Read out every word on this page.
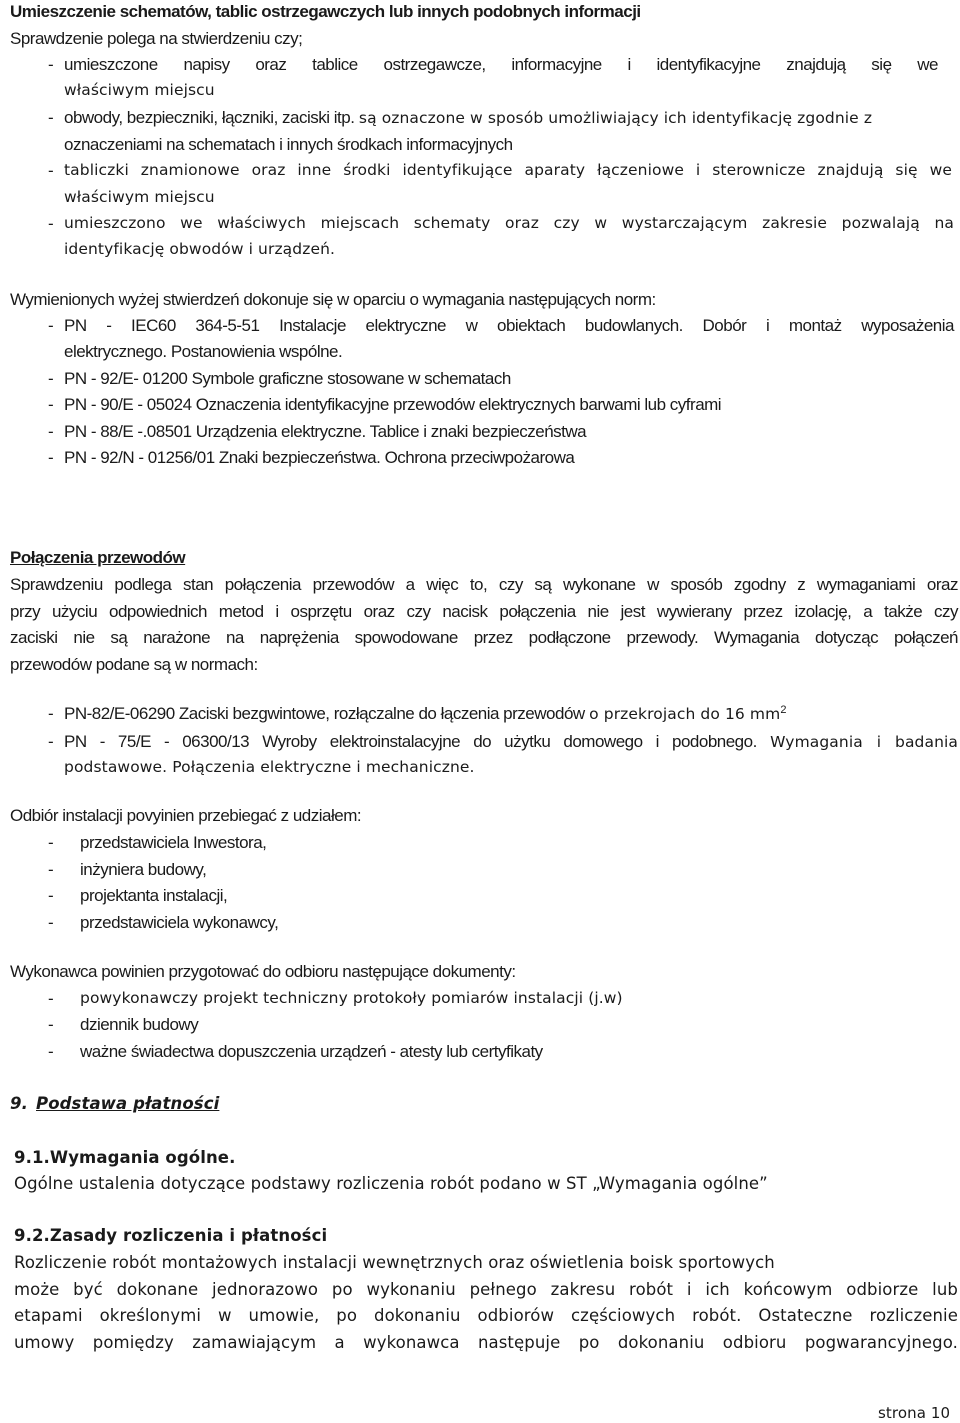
Umieszczenie schematów, tablic ostrzegawczych lub innych podobnych informacji
Sprawdzenie polega na stwierdzeniu czy;
- umieszczone napisy oraz tablice ostrzegawcze, informacyjne i identyfikacyjne znajdują się we
właściwym miejscu
- obwody, bezpieczniki, łączniki, zaciski itp. są oznaczone w sposób umożliwiający ich identyfikację zgodnie z
oznaczeniami na schematach i innych środkach informacyjnych
- tabliczki znamionowe oraz inne środki identyfikujące aparaty łączeniowe i sterownicze znajdują się we
właściwym miejscu
- umieszczono we właściwych miejscach schematy oraz czy w wystarczającym zakresie pozwalają na
identyfikację obwodów i urządzeń.
Wymienionych wyżej stwierdzeń dokonuje się w oparciu o wymagania następujących norm:
- PN - IEC60 364-5-51 Instalacje elektryczne w obiektach budowlanych. Dobór i montaż wyposażenia
elektrycznego. Postanowienia wspólne.
- PN - 92/E- 01200 Symbole graficzne stosowane w schematach
- PN - 90/E - 05024 Oznaczenia identyfikacyjne przewodów elektrycznych barwami lub cyframi
- PN - 88/E -.08501 Urządzenia elektryczne. Tablice i znaki bezpieczeństwa
- PN - 92/N - 01256/01 Znaki bezpieczeństwa. Ochrona przeciwpożarowa
Połączenia przewodów
Sprawdzeniu podlega stan połączenia przewodów a więc to, czy są wykonane w sposób zgodny z wymaganiami oraz
przy użyciu odpowiednich metod i osprzętu oraz czy nacisk połączenia nie jest wywierany przez izolację, a także czy
zaciski nie są narażone na naprężenia spowodowane przez podłączone przewody. Wymagania dotycząc połączeń
przewodów podane są w normach:
- PN-82/E-06290 Zaciski bezgwintowe, rozłączalne do łączenia przewodów o przekrojach do 16 $mm^2$
- PN - 75/E - 06300/13 Wyroby elektroinstalacyjne do użytku domowego i podobnego. Wymagania i badania
podstawowe. Połączenia elektryczne i mechaniczne.
Odbiór instalacji povyinien przebiegać z udziałem:
- przedstawiciela Inwestora,
- inżyniera budowy,
- projektanta instalacji,
- przedstawiciela wykonawcy,
Wykonawca powinien przygotować do odbioru następujące dokumenty:
- powykonawczy projekt techniczny protokoły pomiarów instalacji (j.w)
- dziennik budowy
- ważne świadectwa dopuszczenia urządzeń - atesty lub certyfikaty
9. Podstawa płatności
9.1.Wymagania ogólne.
Ogólne ustalenia dotyczące podstawy rozliczenia robót podano w ST „Wymagania ogólne”
9.2.Zasady rozliczenia i płatności
Rozliczenie robót montażowych instalacji wewnętrznych oraz oświetlenia boisk sportowych
może być dokonane jednorazowo po wykonaniu pełnego zakresu robót i ich końcowym odbiorze lub
etapami określonymi w umowie, po dokonaniu odbiorów częściowych robót. Ostateczne rozliczenie
umowy pomiędzy zamawiającym a wykonawca następuje po dokonaniu odbioru pogwarancyjnego.
strona 10
